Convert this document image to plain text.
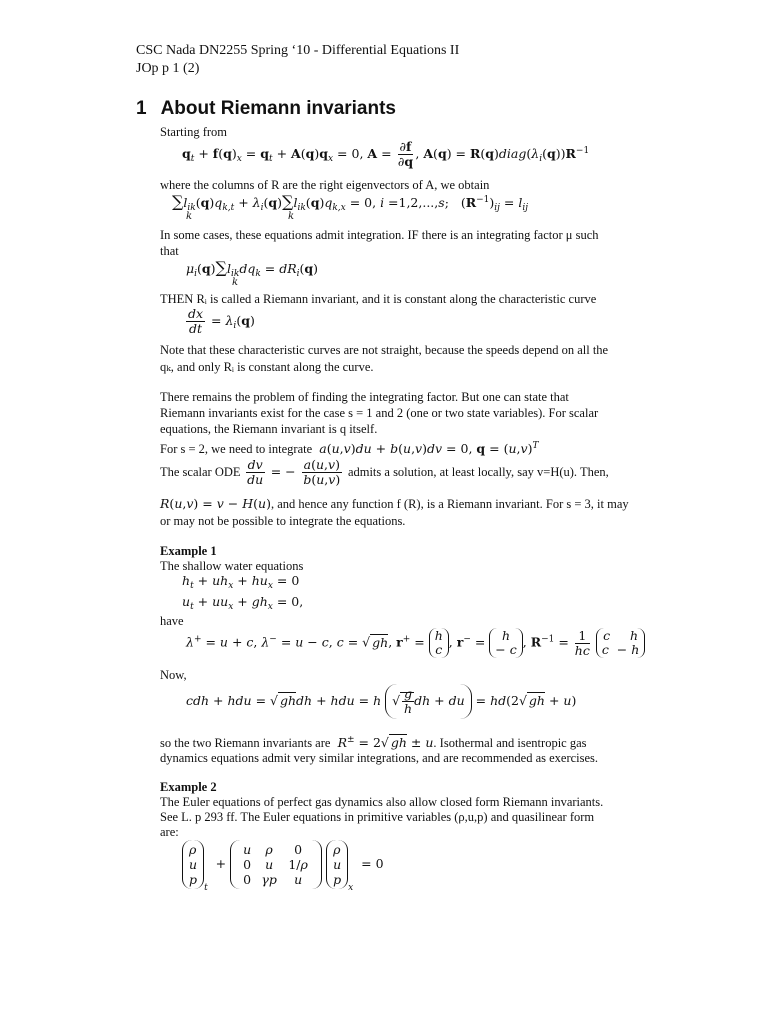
CSC Nada DN2255 Spring ‘10 - Differential Equations II
JOp p 1 (2)
1 About Riemann invariants
Starting from
$q_t + f(q)_x = q_t + A(q)q_x = 0$, $A = \frac{\partial f}{\partial q}$ , $A(q) = R(q)diag(\lambda_i(q))R^{-1}$
where the columns of R are the right eigenvectors of A, we obtain
$\sum l_{ik}(q)q_{k,t} + \lambda_i(q)\sum l_{ik}(q)q_{k,x} = 0$, i =1,2,...,s;   $(R^{-1})_{ij} = l_{ij}$
k	k
In some cases, these equations admit integration. IF there is an integrating factor μ such
that
$\mu_i(q)\sum l_{ik}dq_k = dR_i(q)$
k
THEN Rᵢ is called a Riemann invariant, and it is constant along the characteristic curve
$\frac{dx}{dt} = \lambda_i(q)$
Note that these characteristic curves are not straight, because the speeds depend on all the
qₖ, and only Rᵢ is constant along the curve.
There remains the problem of finding the integrating factor. But one can state that
Riemann invariants exist for the case s = 1 and 2 (one or two state variables). For scalar
equations, the Riemann invariant is q itself.
For s = 2, we need to integrate a(u,v)du + b(u,v)dv = 0, $q = (u,v)^T$
The scalar ODE $\frac{dv}{du}$ = − $\frac{a(u,v)}{b(u,v)}$ admits a solution, at least locally, say v=H(u). Then,
R(u,v) = v − H(u), and hence any function f (R), is a Riemann invariant. For s = 3, it may
or may not be possible to integrate the equations.
Example 1
The shallow water equations
$h_t + uh_x + hu_x = 0$
$u_t + uu_x + gh_x = 0$,
have
λ+ = u + c, λ− = u − c, c = √ gh, r+ = h
c , r− = h
− c , $R^{-1} = \frac{1}{hc}$ c h
c  − h
Now,
cdh + hdu = √ ghdh + hdu = h √ $\frac{g}{h}$ dh + du = hd(2√ gh + u)
so the two Riemann invariants are R± = 2√ gh ± u. Isothermal and isentropic gas
dynamics equations admit very similar integrations, and are recommended as exercises.
Example 2
The Euler equations of perfect gas dynamics also allow closed form Riemann invariants.
See L. p 293 ff. The Euler equations in primitive variables (ρ,u,p) and quasilinear form
are:
ρ
u
p
$_t$  +
u	ρ	0
0	u	1/ρ
0 γp	u

ρ
u
p
$_x$  = 0
